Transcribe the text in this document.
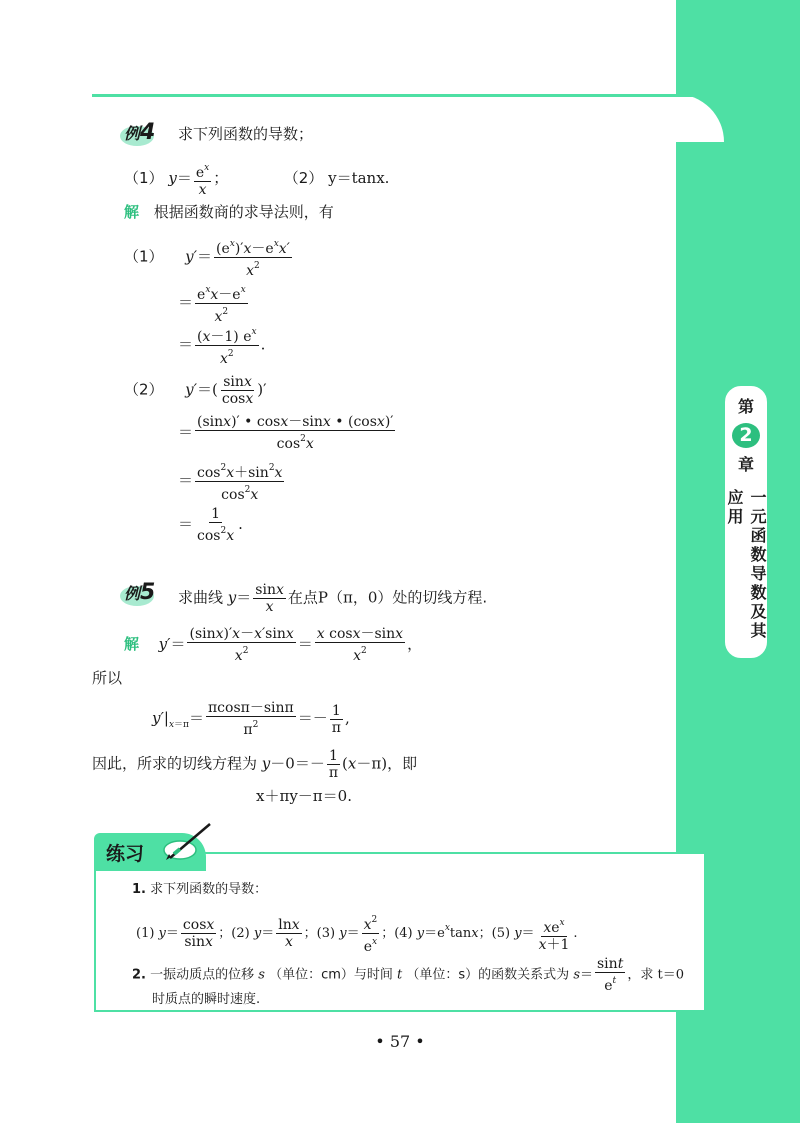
第
2
章
一元函数导数及其应用
例4 求下列函数的导数；
（1） $y= \frac{e^x}{x}$ ；	（2） y＝tanx.
解 根据函数商的求导法则，有
（1） $y'= \frac{(e^x)'x-e^xx'}{x^2}$
＝ $\frac{e^xx-e^x}{x^2}$
＝ $\frac{(x-1) e^x}{x^2}$ .
（2） $y'=( \frac{\sin x}{\cos x}$ )′
＝ $\frac{(\sin x)' • \cos x-\sin x • (\cos x)'}{\cos^2x}$
＝ $\frac{\cos^2x+\sin^2x}{\cos^2x}$
＝ $\frac{1}{\cos^2x}$ .
例5 求曲线 $y= \frac{\sin x}{x}$ 在点P（π，0）处的切线方程.
解 $y'= \frac{(\sin x)'x-x'\sin x}{x^2} = \frac{\text{x cosx－sinx}}{x^2}$ ，
所以
$y'|_{x=\pi}= \frac{\pi\cos\pi-\sin\pi}{\pi^2} =- \frac{1}{\pi}$ ,
因此，所求的切线方程为 $y-0=- \frac{1}{\pi} (x-\pi)$，即
x＋πy－π＝0.
练习
1. 求下列函数的导数：
(1) $y= \frac{\cos x}{\sin x}$ ；(2) $y= \frac{\ln x}{x}$ ；(3) $y= \frac{x^2}{e^x}$ ；(4) $y=e^x\tan x$；(5) $y= \frac{xe^x}{x+1}$ .
2. 一振动质点的位移 s （单位：cm）与时间 t （单位：s）的函数关系式为 $s= \frac{\sin t}{e^t}$ ，求 t＝0
时质点的瞬时速度.
• 57 •
